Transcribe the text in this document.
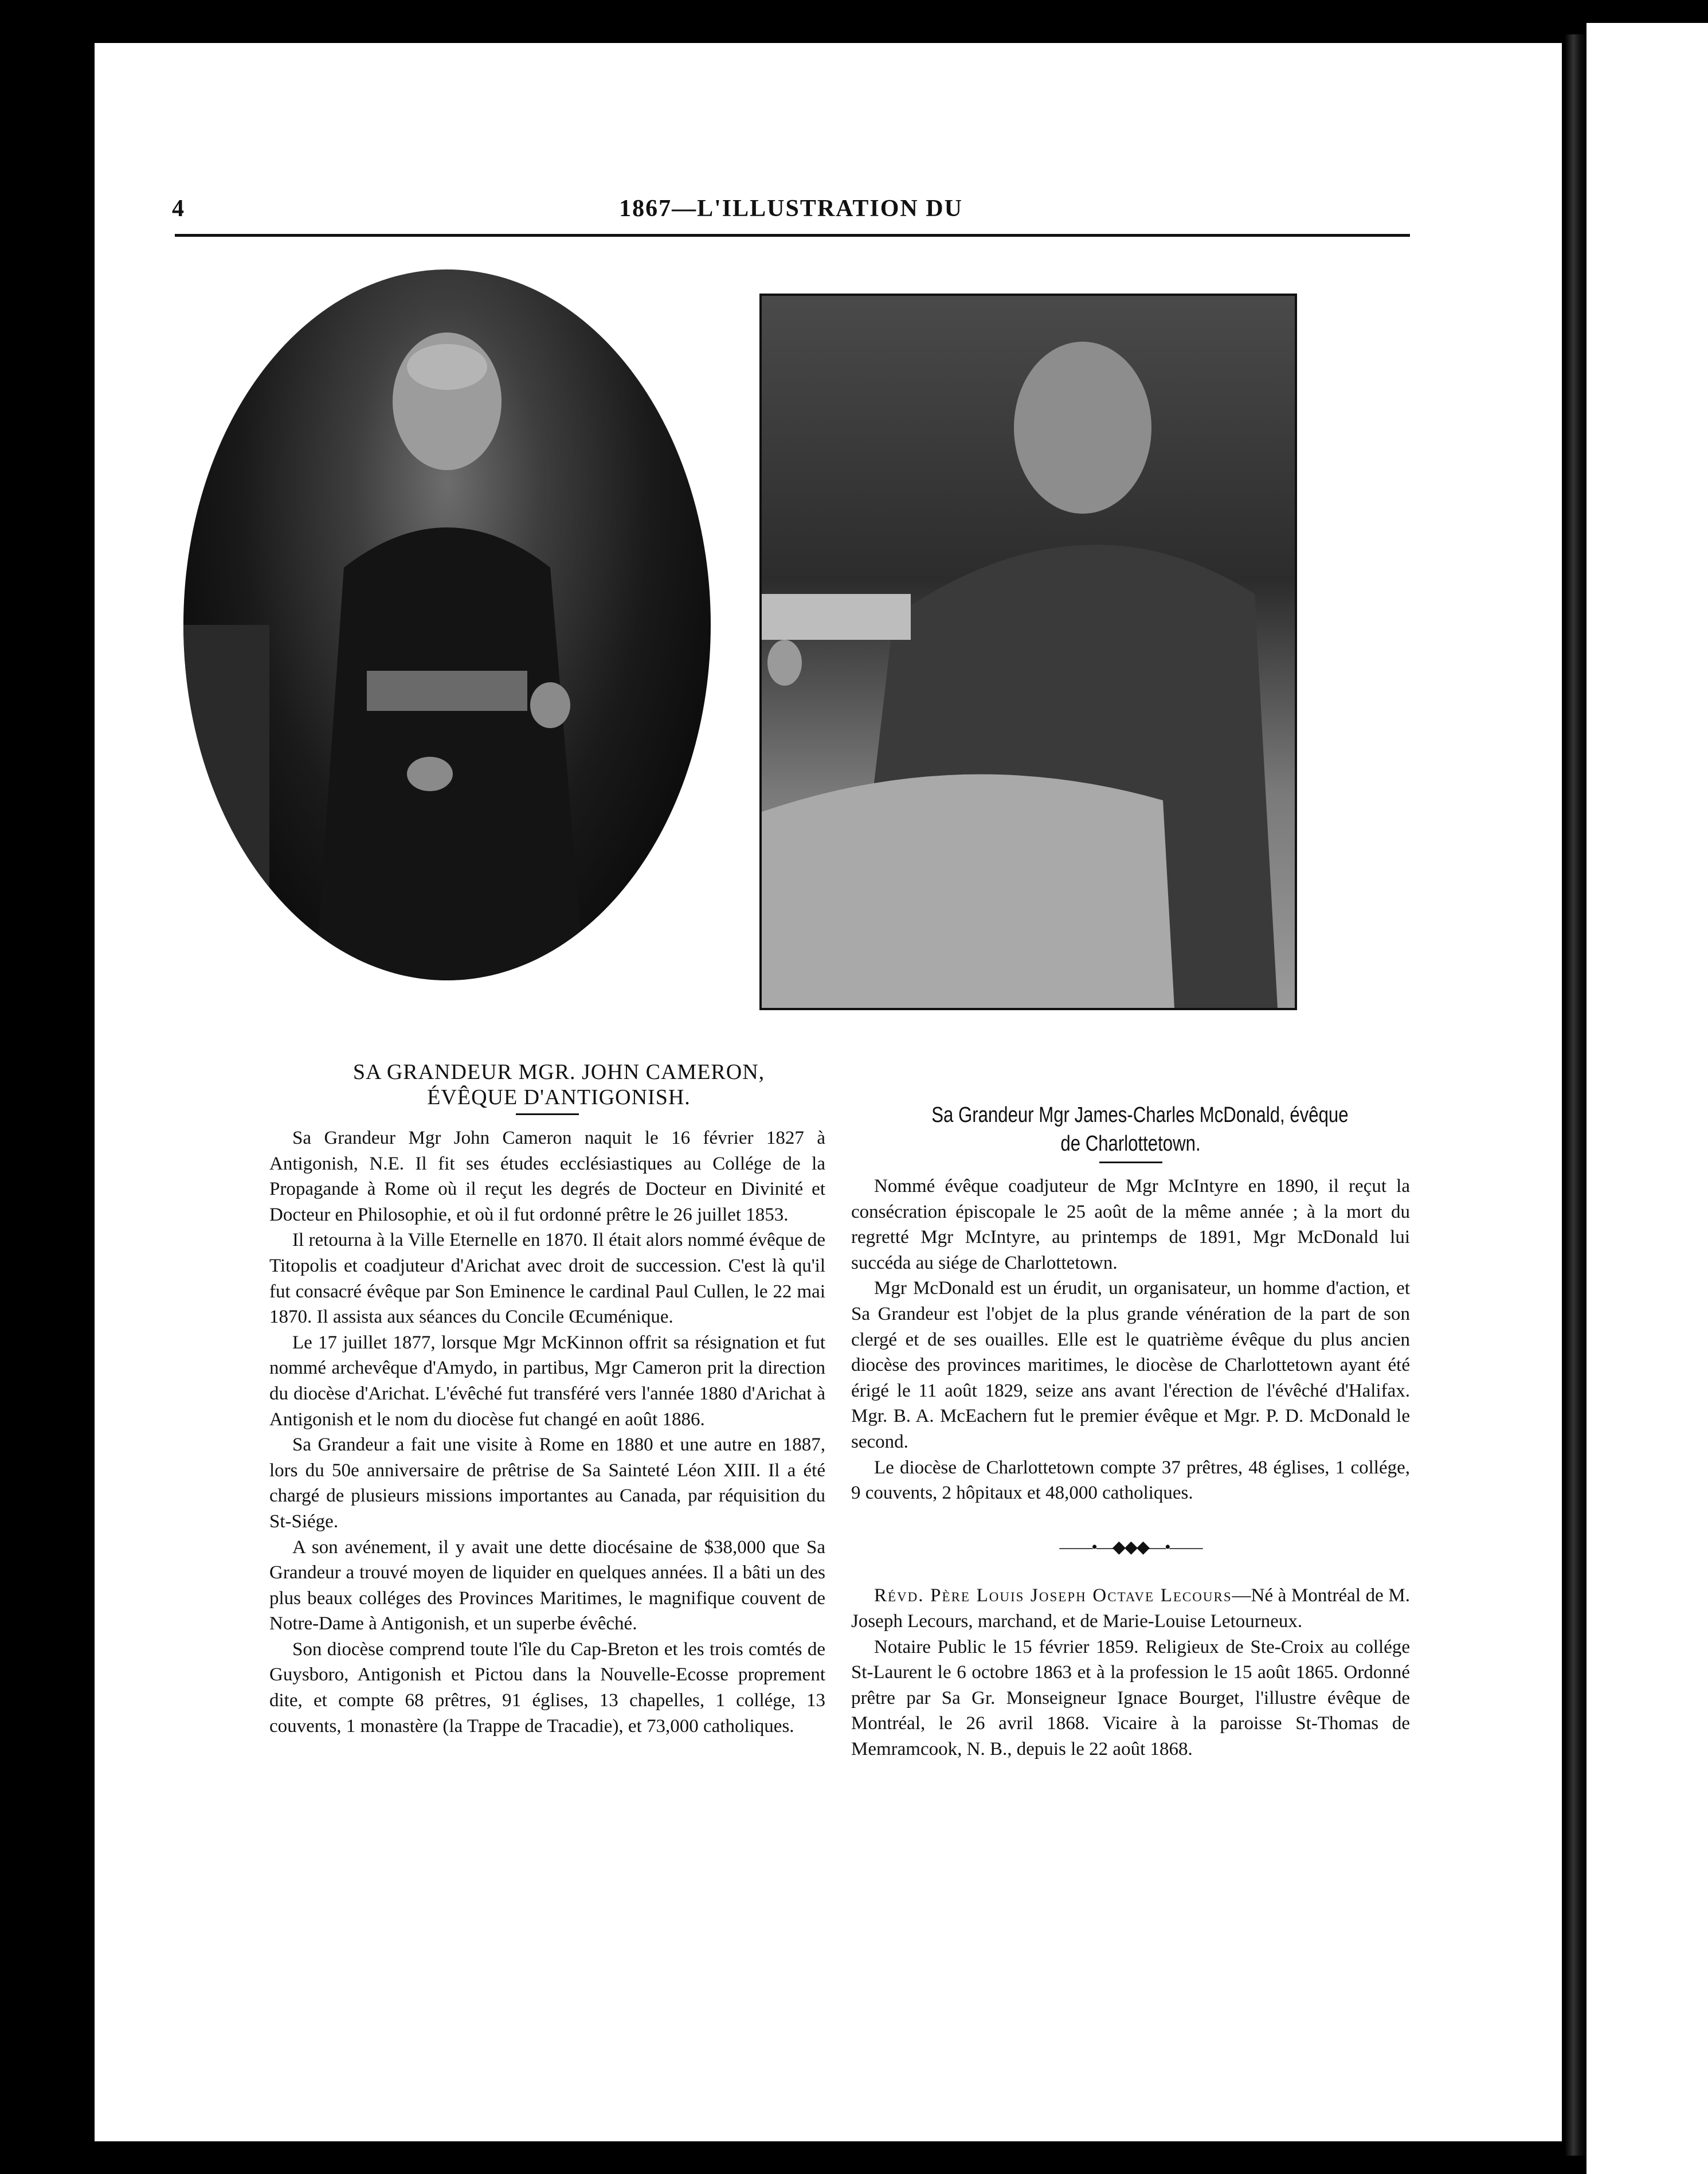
4	1867—L'ILLUSTRATION DU

SA GRANDEUR MGR. JOHN CAMERON,

ÉVÊQUE D'ANTIGONISH.

Sa Grandeur Mgr John Cameron naquit le 16 février 1827 à Antigonish, N.E. Il fit ses études ecclésiastiques au Collége de la Propagande à Rome où il reçut les degrés de Docteur en Divinité et Docteur en Philosophie, et où il fut ordonné prêtre le 26 juillet 1853.

Il retourna à la Ville Eternelle en 1870. Il était alors nommé évêque de Titopolis et coadjuteur d'Arichat avec droit de succession. C'est là qu'il fut consacré évêque par Son Eminence le cardinal Paul Cullen, le 22 mai 1870. Il assista aux séances du Concile Œcuménique.

Le 17 juillet 1877, lorsque Mgr McKinnon offrit sa résignation et fut nommé archevêque d'Amydo, in partibus, Mgr Cameron prit la direction du diocèse d'Arichat. L'évêché fut transféré vers l'année 1880 d'Arichat à Antigonish et le nom du diocèse fut changé en août 1886.

Sa Grandeur a fait une visite à Rome en 1880 et une autre en 1887, lors du 50e anniversaire de prêtrise de Sa Sainteté Léon XIII. Il a été chargé de plusieurs missions importantes au Canada, par réquisition du St-Siége.

A son avénement, il y avait une dette diocésaine de $38,000 que Sa Grandeur a trouvé moyen de liquider en quelques années. Il a bâti un des plus beaux colléges des Provinces Maritimes, le magnifique couvent de Notre-Dame à Antigonish, et un superbe évêché.

Son diocèse comprend toute l'île du Cap-Breton et les trois comtés de Guysboro, Antigonish et Pictou dans la Nouvelle-Ecosse proprement dite, et compte 68 prêtres, 91 églises, 13 chapelles, 1 collége, 13 couvents, 1 monastère (la Trappe de Tracadie), et 73,000 catholiques.

Sa Grandeur Mgr James-Charles McDonald, évêque de Charlottetown.

Nommé évêque coadjuteur de Mgr McIntyre en 1890, il reçut la consécration épiscopale le 25 août de la même année ; à la mort du regretté Mgr McIntyre, au printemps de 1891, Mgr McDonald lui succéda au siége de Charlottetown.

Mgr McDonald est un érudit, un organisateur, un homme d'action, et Sa Grandeur est l'objet de la plus grande vénération de la part de son clergé et de ses ouailles. Elle est le quatrième évêque du plus ancien diocèse des provinces maritimes, le diocèse de Charlottetown ayant été érigé le 11 août 1829, seize ans avant l'érection de l'évêché d'Halifax. Mgr. B. A. McEachern fut le premier évêque et Mgr. P. D. McDonald le second.

Le diocèse de Charlottetown compte 37 prêtres, 48 églises, 1 collége, 9 couvents, 2 hôpitaux et 48,000 catholiques.

——•—◆◆◆—•——

Révd. Père Louis Joseph Octave Lecours—Né à Montréal de M. Joseph Lecours, marchand, et de Marie-Louise Letourneux.

Notaire Public le 15 février 1859. Religieux de Ste-Croix au collége St-Laurent le 6 octobre 1863 et à la profession le 15 août 1865. Ordonné prêtre par Sa Gr. Monseigneur Ignace Bourget, l'illustre évêque de Montréal, le 26 avril 1868. Vicaire à la paroisse St-Thomas de Memramcook, N. B., depuis le 22 août 1868.
